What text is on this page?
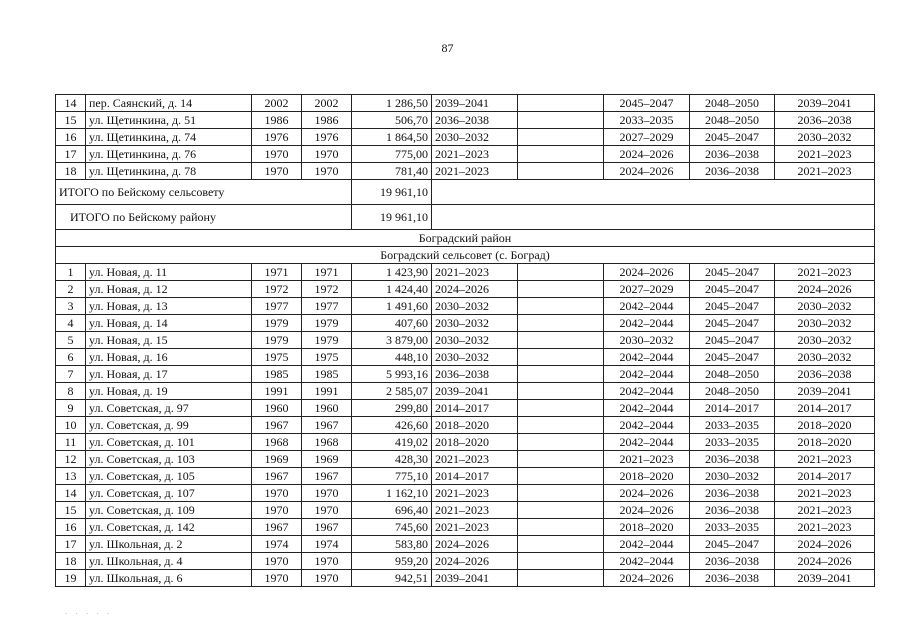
87
14	пер. Саянский, д. 14	2002	2002	1 286,50	2039–2041		2045–2047	2048–2050	2039–2041
15	ул. Щетинкина, д. 51	1986	1986	506,70	2036–2038		2033–2035	2048–2050	2036–2038
16	ул. Щетинкина, д. 74	1976	1976	1 864,50	2030–2032		2027–2029	2045–2047	2030–2032
17	ул. Щетинкина, д. 76	1970	1970	775,00	2021–2023		2024–2026	2036–2038	2021–2023
18	ул. Щетинкина, д. 78	1970	1970	781,40	2021–2023		2024–2026	2036–2038	2021–2023
ИТОГО по Бейскому сельсовету				19 961,10					
ИТОГО по Бейскому району				19 961,10					
Боградский район									
Боградский сельсовет (с. Боград)									
1	ул. Новая, д. 11	1971	1971	1 423,90	2021–2023		2024–2026	2045–2047	2021–2023
2	ул. Новая, д. 12	1972	1972	1 424,40	2024–2026		2027–2029	2045–2047	2024–2026
3	ул. Новая, д. 13	1977	1977	1 491,60	2030–2032		2042–2044	2045–2047	2030–2032
4	ул. Новая, д. 14	1979	1979	407,60	2030–2032		2042–2044	2045–2047	2030–2032
5	ул. Новая, д. 15	1979	1979	3 879,00	2030–2032		2030–2032	2045–2047	2030–2032
6	ул. Новая, д. 16	1975	1975	448,10	2030–2032		2042–2044	2045–2047	2030–2032
7	ул. Новая, д. 17	1985	1985	5 993,16	2036–2038		2042–2044	2048–2050	2036–2038
8	ул. Новая, д. 19	1991	1991	2 585,07	2039–2041		2042–2044	2048–2050	2039–2041
9	ул. Советская, д. 97	1960	1960	299,80	2014–2017		2042–2044	2014–2017	2014–2017
10	ул. Советская, д. 99	1967	1967	426,60	2018–2020		2042–2044	2033–2035	2018–2020
11	ул. Советская, д. 101	1968	1968	419,02	2018–2020		2042–2044	2033–2035	2018–2020
12	ул. Советская, д. 103	1969	1969	428,30	2021–2023		2021–2023	2036–2038	2021–2023
13	ул. Советская, д. 105	1967	1967	775,10	2014–2017		2018–2020	2030–2032	2014–2017
14	ул. Советская, д. 107	1970	1970	1 162,10	2021–2023		2024–2026	2036–2038	2021–2023
15	ул. Советская, д. 109	1970	1970	696,40	2021–2023		2024–2026	2036–2038	2021–2023
16	ул. Советская, д. 142	1967	1967	745,60	2021–2023		2018–2020	2033–2035	2021–2023
17	ул. Школьная, д. 2	1974	1974	583,80	2024–2026		2042–2044	2045–2047	2024–2026
18	ул. Школьная, д. 4	1970	1970	959,20	2024–2026		2042–2044	2036–2038	2024–2026
19	ул. Школьная, д. 6	1970	1970	942,51	2039–2041		2024–2026	2036–2038	2039–2041
. . . . .
